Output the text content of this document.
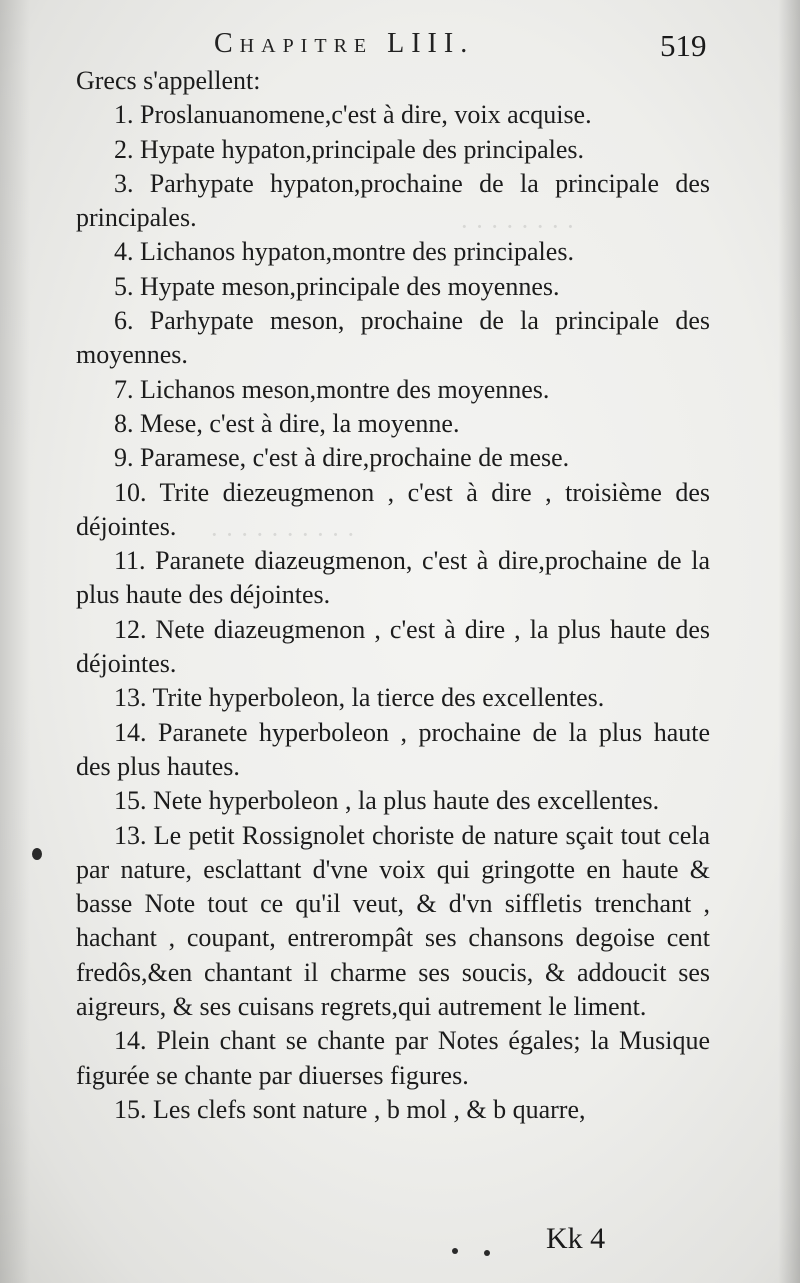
· · · · · · · ·
· · · · · · · · · ·
Chapitre LIII.	519

Grecs s'appellent:

1. Proslanuanomene,c'est à dire, voix acquise.

2. Hypate hypaton,principale des principales.

3. Parhypate hypaton,prochaine de la principale des principales.

4. Lichanos hypaton,montre des principales.

5. Hypate meson,principale des moyennes.

6. Parhypate meson, prochaine de la principale des moyennes.

7. Lichanos meson,montre des moyennes.

8. Mese, c'est à dire, la moyenne.

9. Paramese, c'est à dire,prochaine de mese.

10. Trite diezeugmenon , c'est à dire , troisième des déjointes.

11. Paranete diazeugmenon, c'est à dire,prochaine de la plus haute des déjointes.

12. Nete diazeugmenon , c'est à dire , la plus haute des déjointes.

13. Trite hyperboleon, la tierce des excellentes.

14. Paranete hyperboleon , prochaine de la plus haute des plus hautes.

15. Nete hyperboleon , la plus haute des excellentes.

13. Le petit Rossignolet choriste de nature sçait tout cela par nature, esclattant d'vne voix qui gringotte en haute & basse Note tout ce qu'il veut, & d'vn siffletis trenchant , hachant , coupant, entrerompât ses chansons degoise cent fredôs,&en chantant il charme ses soucis, & addoucit ses aigreurs, & ses cuisans regrets,qui autrement le liment.

14. Plein chant se chante par Notes égales; la Musique figurée se chante par diuerses figures.

15. Les clefs sont nature , b mol , & b quarre,

Kk 4
